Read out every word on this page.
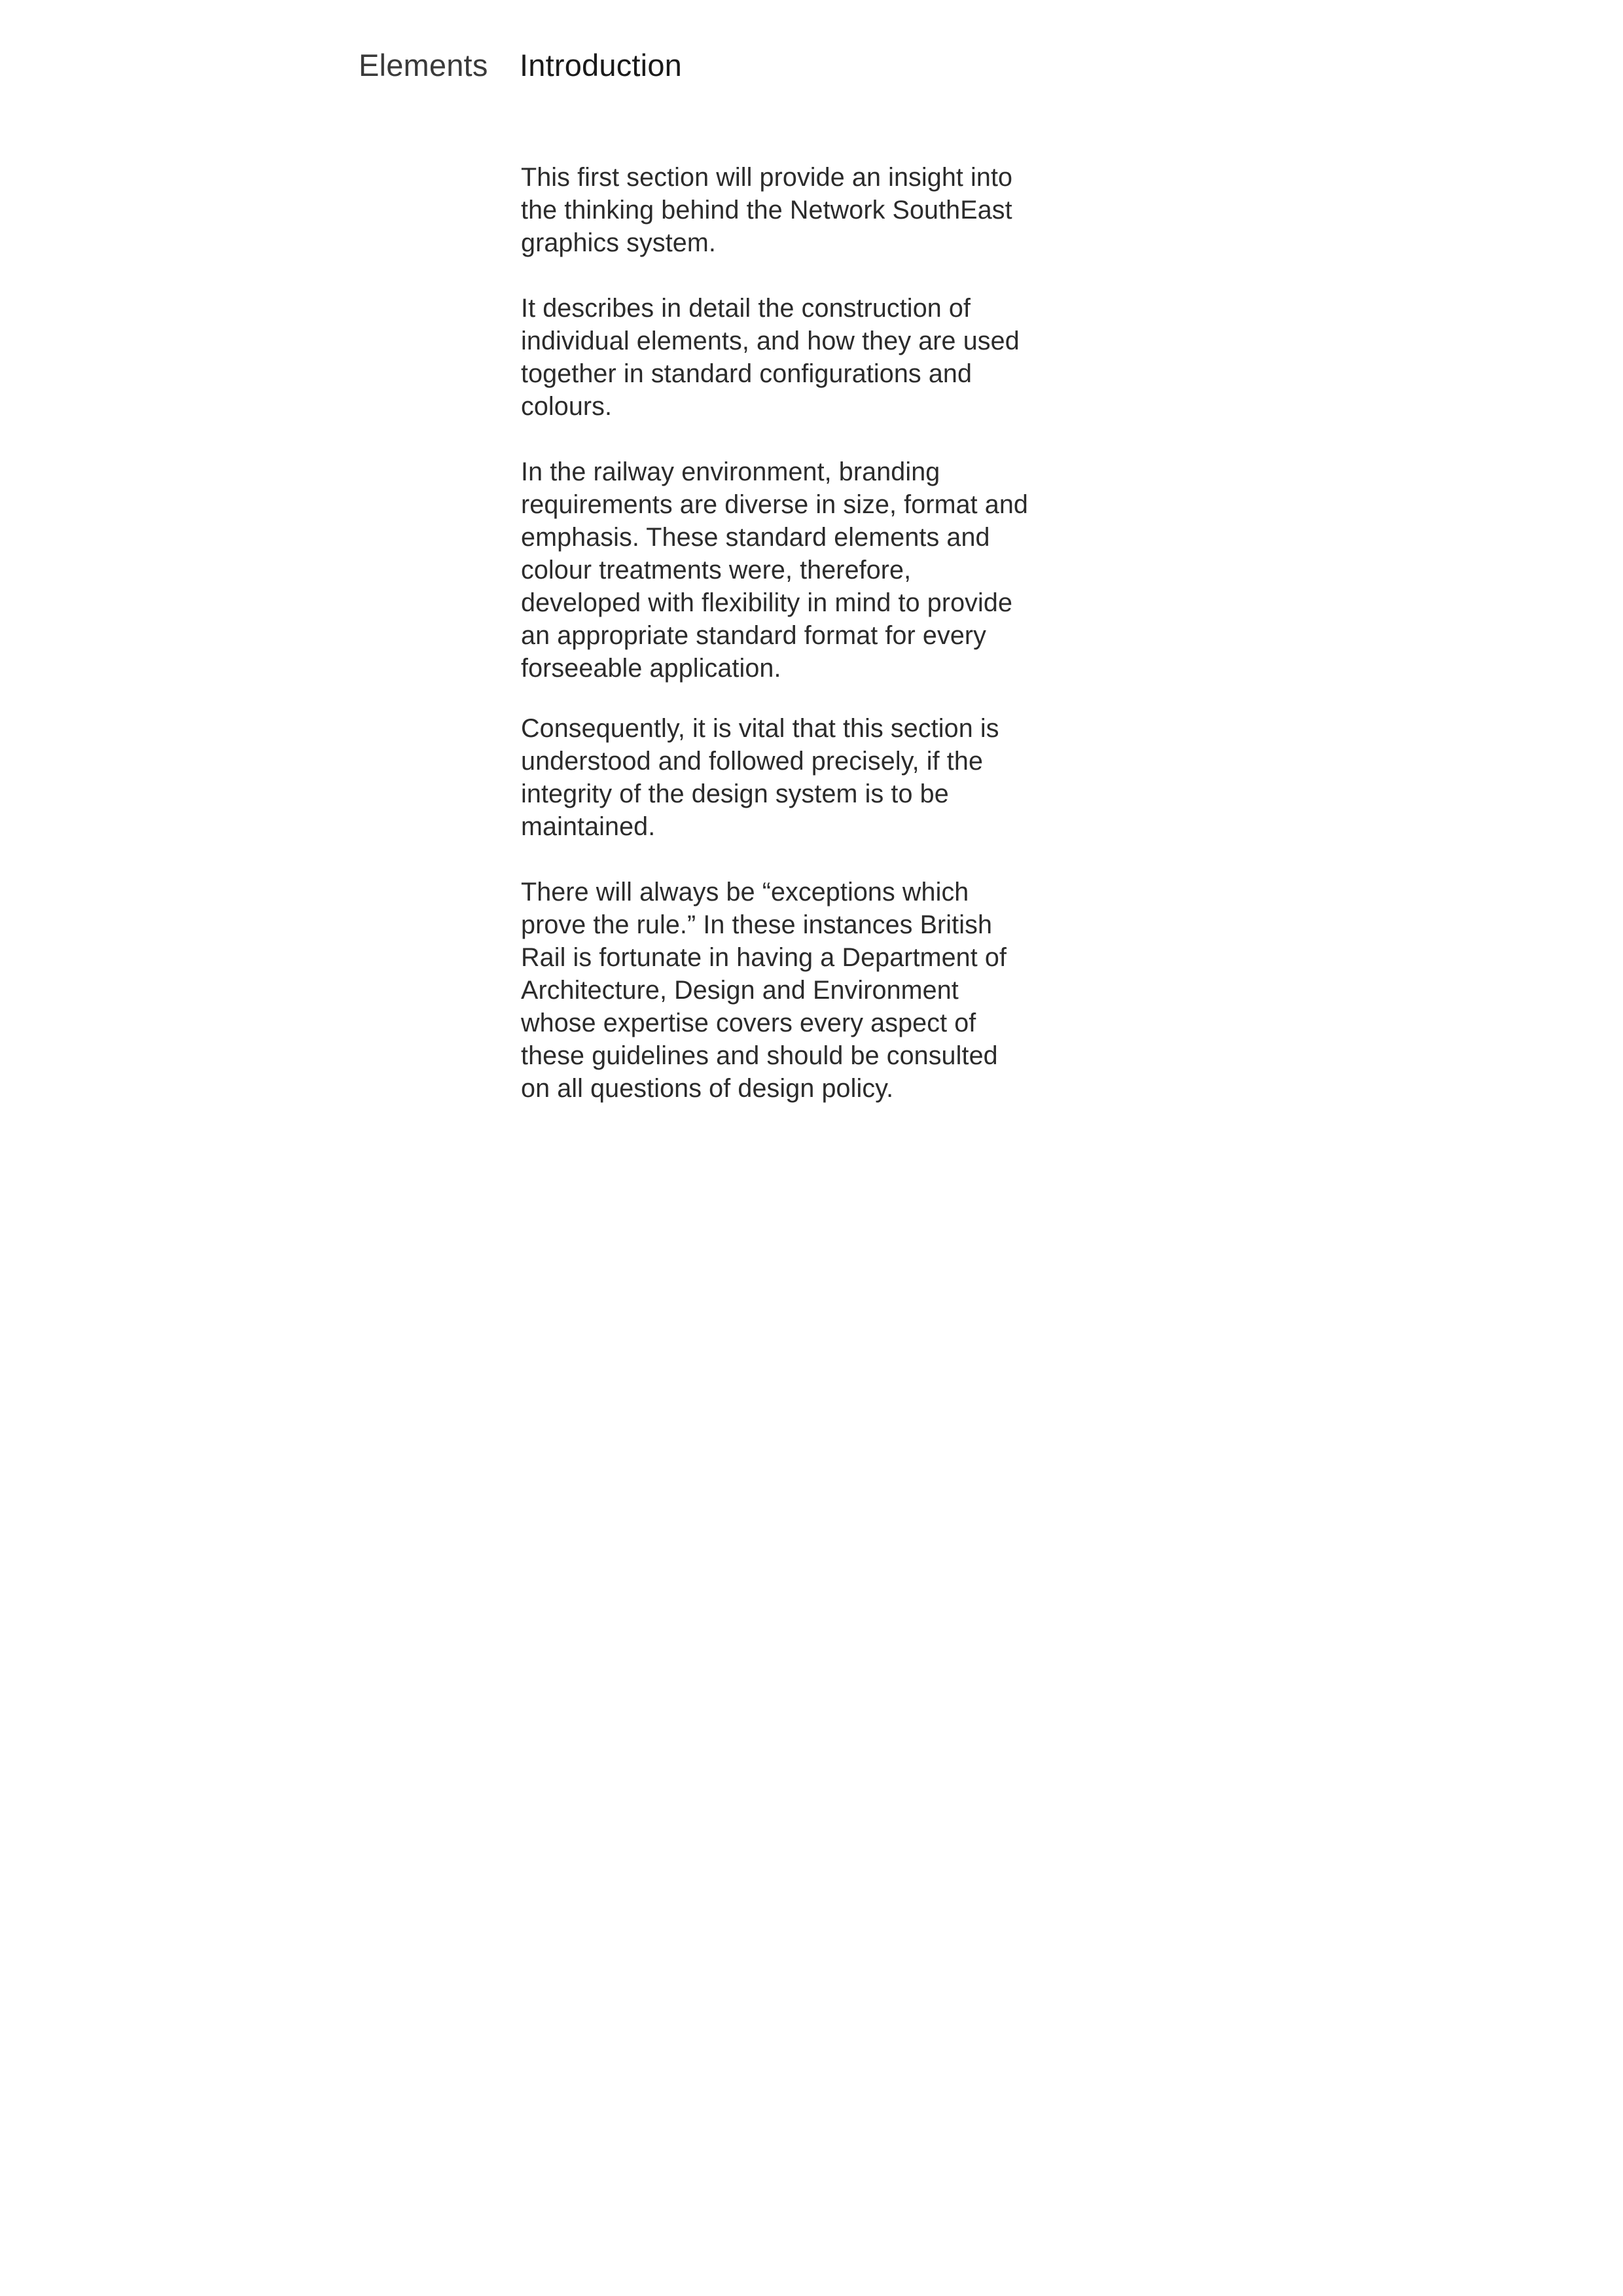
Elements	Introduction

This first section will provide an insight into the thinking behind the Network SouthEast graphics system.

It describes in detail the construction of individual elements, and how they are used together in standard configurations and colours.

In the railway environment, branding requirements are diverse in size, format and emphasis. These standard elements and colour treatments were, therefore, developed with flexibility in mind to provide an appropriate standard format for every forseeable application.

Consequently, it is vital that this section is understood and followed precisely, if the integrity of the design system is to be maintained.

There will always be “exceptions which prove the rule.” In these instances British Rail is fortunate in having a Department of Architecture, Design and Environment whose expertise covers every aspect of these guidelines and should be consulted on all questions of design policy.
